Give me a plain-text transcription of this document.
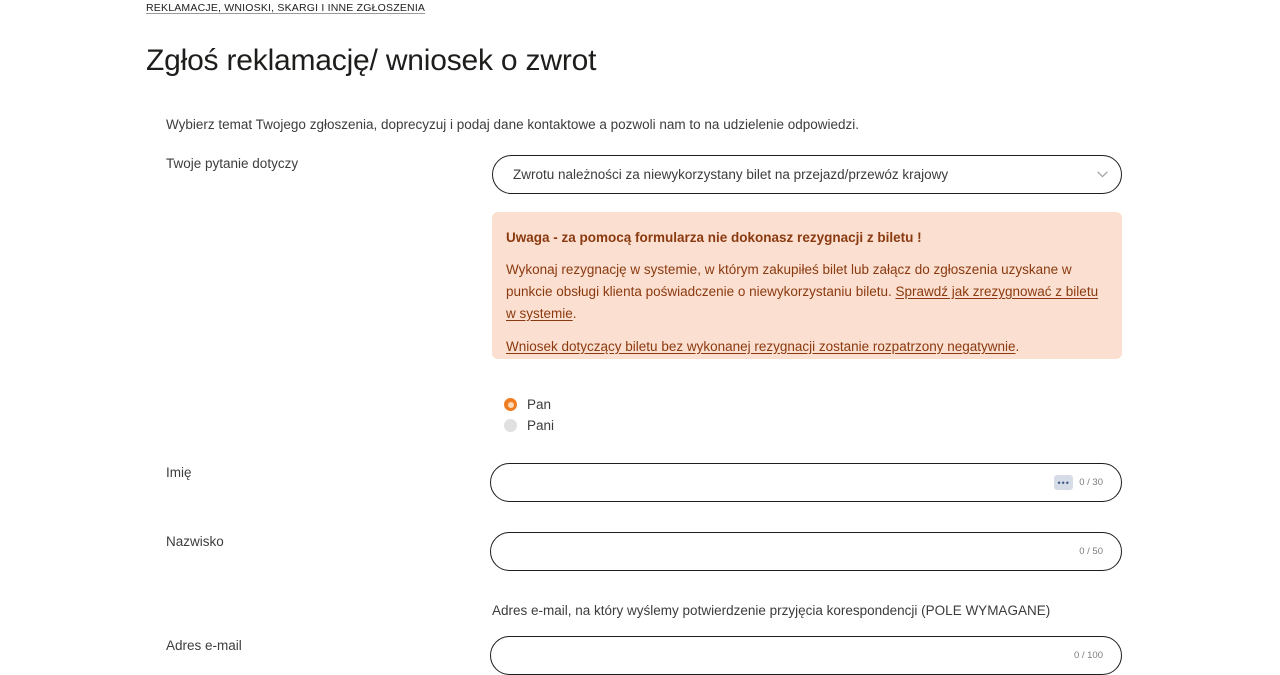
REKLAMACJE, WNIOSKI, SKARGI I INNE ZGŁOSZENIA
Zgłoś reklamację/ wniosek o zwrot
Wybierz temat Twojego zgłoszenia, doprecyzuj i podaj dane kontaktowe a pozwoli nam to na udzielenie odpowiedzi.
Twoje pytanie dotyczy
Zwrotu należności za niewykorzystany bilet na przejazd/przewóz krajowy
Uwaga - za pomocą formularza nie dokonasz rezygnacji z biletu !

Wykonaj rezygnację w systemie, w którym zakupiłeś bilet lub załącz do zgłoszenia uzyskane w punkcie obsługi klienta poświadczenie o niewykorzystaniu biletu. Sprawdź jak zrezygnować z biletu w systemie.

Wniosek dotyczący biletu bez wykonanej rezygnacji zostanie rozpatrzony negatywnie.
Pan
Pani
Imię
••• 0 / 30
Nazwisko
0 / 50
Adres e-mail, na który wyślemy potwierdzenie przyjęcia korespondencji (POLE WYMAGANE)
Adres e-mail
0 / 100
